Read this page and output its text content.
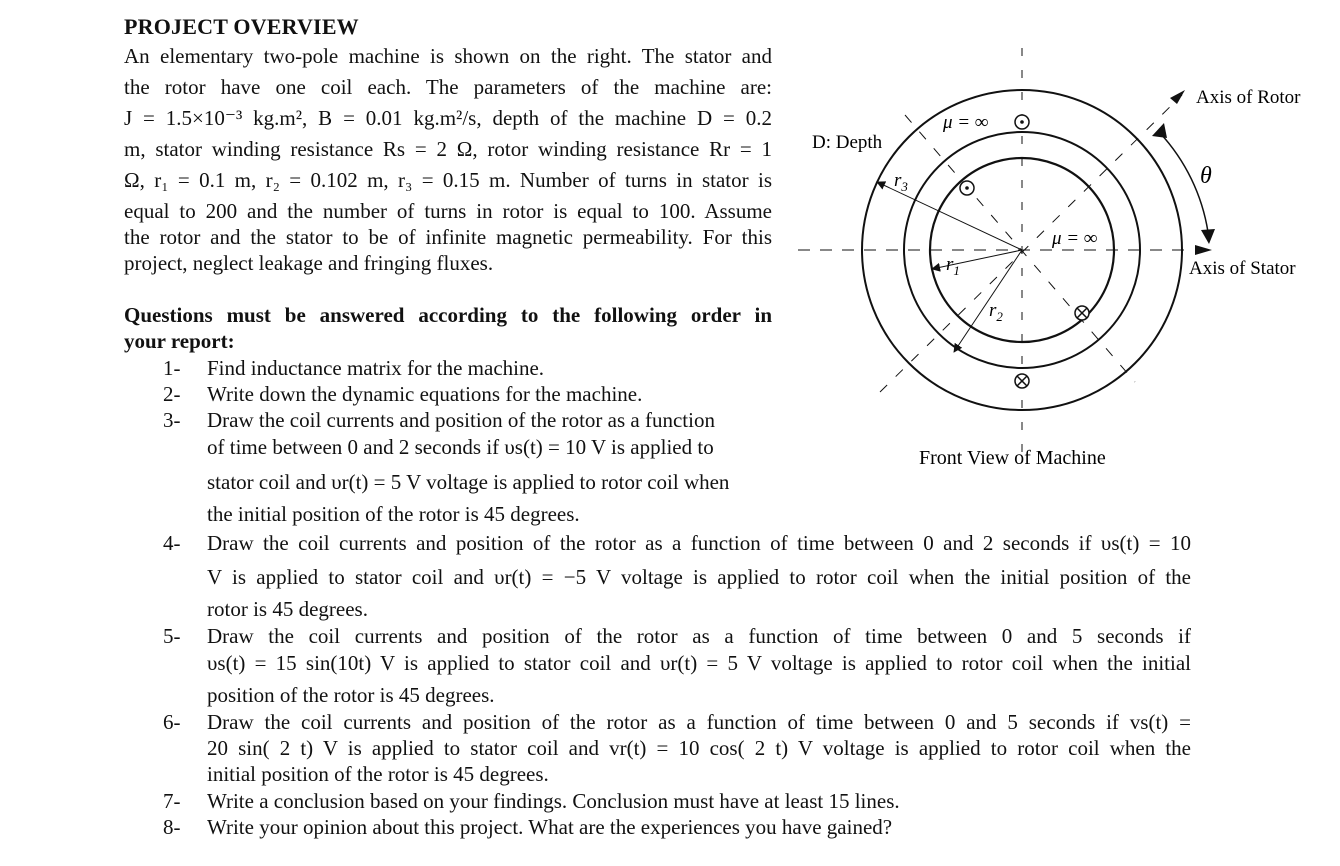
PROJECT OVERVIEW
An elementary two-pole machine is shown on the right. The stator and
the rotor have one coil each. The parameters of the machine are:
J = 1.5×10⁻³ kg.m², B = 0.01 kg.m²/s, depth of the machine D = 0.2
m, stator winding resistance Rs = 2 Ω, rotor winding resistance Rr = 1
Ω, r₁ = 0.1 m, r₂ = 0.102 m, r₃ = 0.15 m. Number of turns in stator is
equal to 200 and the number of turns in rotor is equal to 100. Assume
the rotor and the stator to be of infinite magnetic permeability. For this
project, neglect leakage and fringing fluxes.
Questions must be answered according to the following order in
your report:
1- Find inductance matrix for the machine.
2- Write down the dynamic equations for the machine.
3- Draw the coil currents and position of the rotor as a function
of time between 0 and 2 seconds if υs(t) = 10 V is applied to
stator coil and υr(t) = 5 V voltage is applied to rotor coil when
the initial position of the rotor is 45 degrees.
4- Draw the coil currents and position of the rotor as a function of time between 0 and 2 seconds if υs(t) = 10
V is applied to stator coil and υr(t) = −5 V voltage is applied to rotor coil when the initial position of the
rotor is 45 degrees.
5- Draw the coil currents and position of the rotor as a function of time between 0 and 5 seconds if
υs(t) = 15 sin(10t) V is applied to stator coil and υr(t) = 5 V voltage is applied to rotor coil when the initial
position of the rotor is 45 degrees.
6- Draw the coil currents and position of the rotor as a function of time between 0 and 5 seconds if vs(t) =
20 sin( 2 t) V is applied to stator coil and vr(t) = 10 cos( 2 t) V voltage is applied to rotor coil when the
initial position of the rotor is 45 degrees.
7- Write a conclusion based on your findings. Conclusion must have at least 15 lines.
8- Write your opinion about this project. What are the experiences you have gained?
D: Depth
μ = ∞
μ = ∞
$r_3$
$r_1$
$r_2$
θ
Axis of Rotor
Axis of Stator
Front View of Machine
